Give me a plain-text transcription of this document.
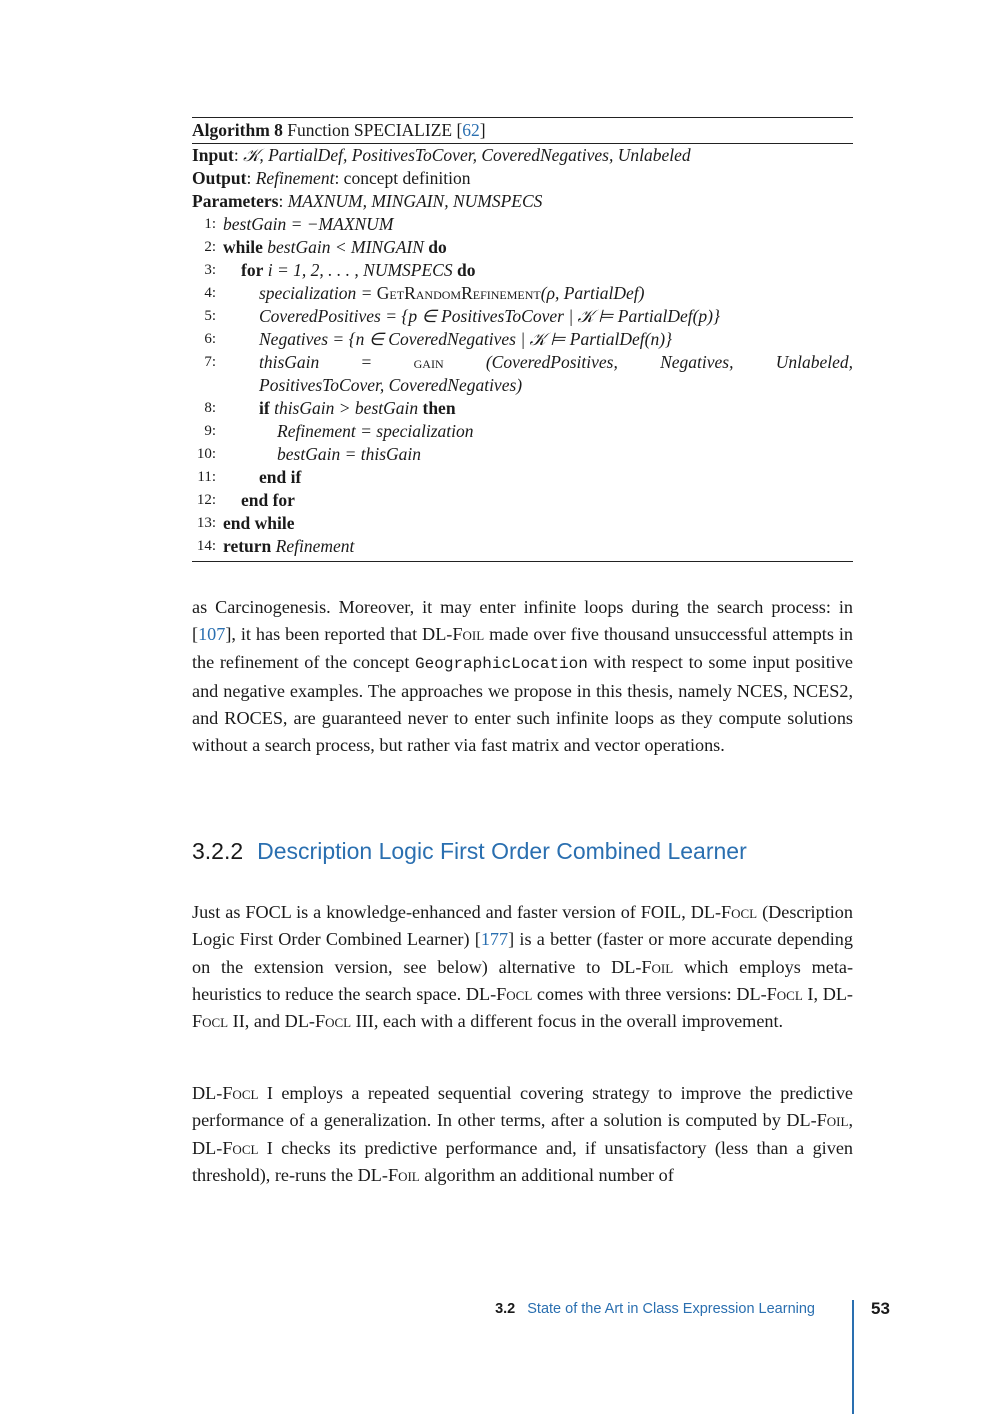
Algorithm 8 Function SPECIALIZE [62]
Input: 𝒦, PartialDef, PositivesToCover, CoveredNegatives, Unlabeled
Output: Refinement: concept definition
Parameters: MAXNUM, MINGAIN, NUMSPECS
1: bestGain = −MAXNUM
2: while bestGain < MINGAIN do
3:	for i = 1, 2, . . . , NUMSPECS do
4:	specialization = GetRandomRefinement(ρ, PartialDef)
5:	CoveredPositives = {p ∈ PositivesToCover | 𝒦 ⊨ PartialDef(p)}
6:	Negatives = {n ∈ CoveredNegatives | 𝒦 ⊨ PartialDef(n)}
7:	thisGain = gain (CoveredPositives, Negatives, Unlabeled,
PositivesToCover, CoveredNegatives)
8:	if thisGain > bestGain then
9:	Refinement = specialization
10:	bestGain = thisGain
11:	end if
12:	end for
13: end while
14: return Refinement
as Carcinogenesis. Moreover, it may enter infinite loops during the search process: in [107], it has been reported that DL-Foil made over five thousand unsuccessful attempts in the refinement of the concept GeographicLocation with respect to some input positive and negative examples. The approaches we propose in this thesis, namely NCES, NCES2, and ROCES, are guaranteed never to enter such infinite loops as they compute solutions without a search process, but rather via fast matrix and vector operations.
3.2.2 Description Logic First Order Combined Learner
Just as FOCL is a knowledge-enhanced and faster version of FOIL, DL-Focl (Description Logic First Order Combined Learner) [177] is a better (faster or more accurate depending on the extension version, see below) alternative to DL-Foil which employs meta-heuristics to reduce the search space. DL-Focl comes with three versions: DL-Focl I, DL-Focl II, and DL-Focl III, each with a different focus in the overall improvement.
DL-Focl I employs a repeated sequential covering strategy to improve the predictive performance of a generalization. In other terms, after a solution is computed by DL-Foil, DL-Focl I checks its predictive performance and, if unsatisfactory (less than a given threshold), re-runs the DL-Foil algorithm an additional number of
3.2 State of the Art in Class Expression Learning	53
